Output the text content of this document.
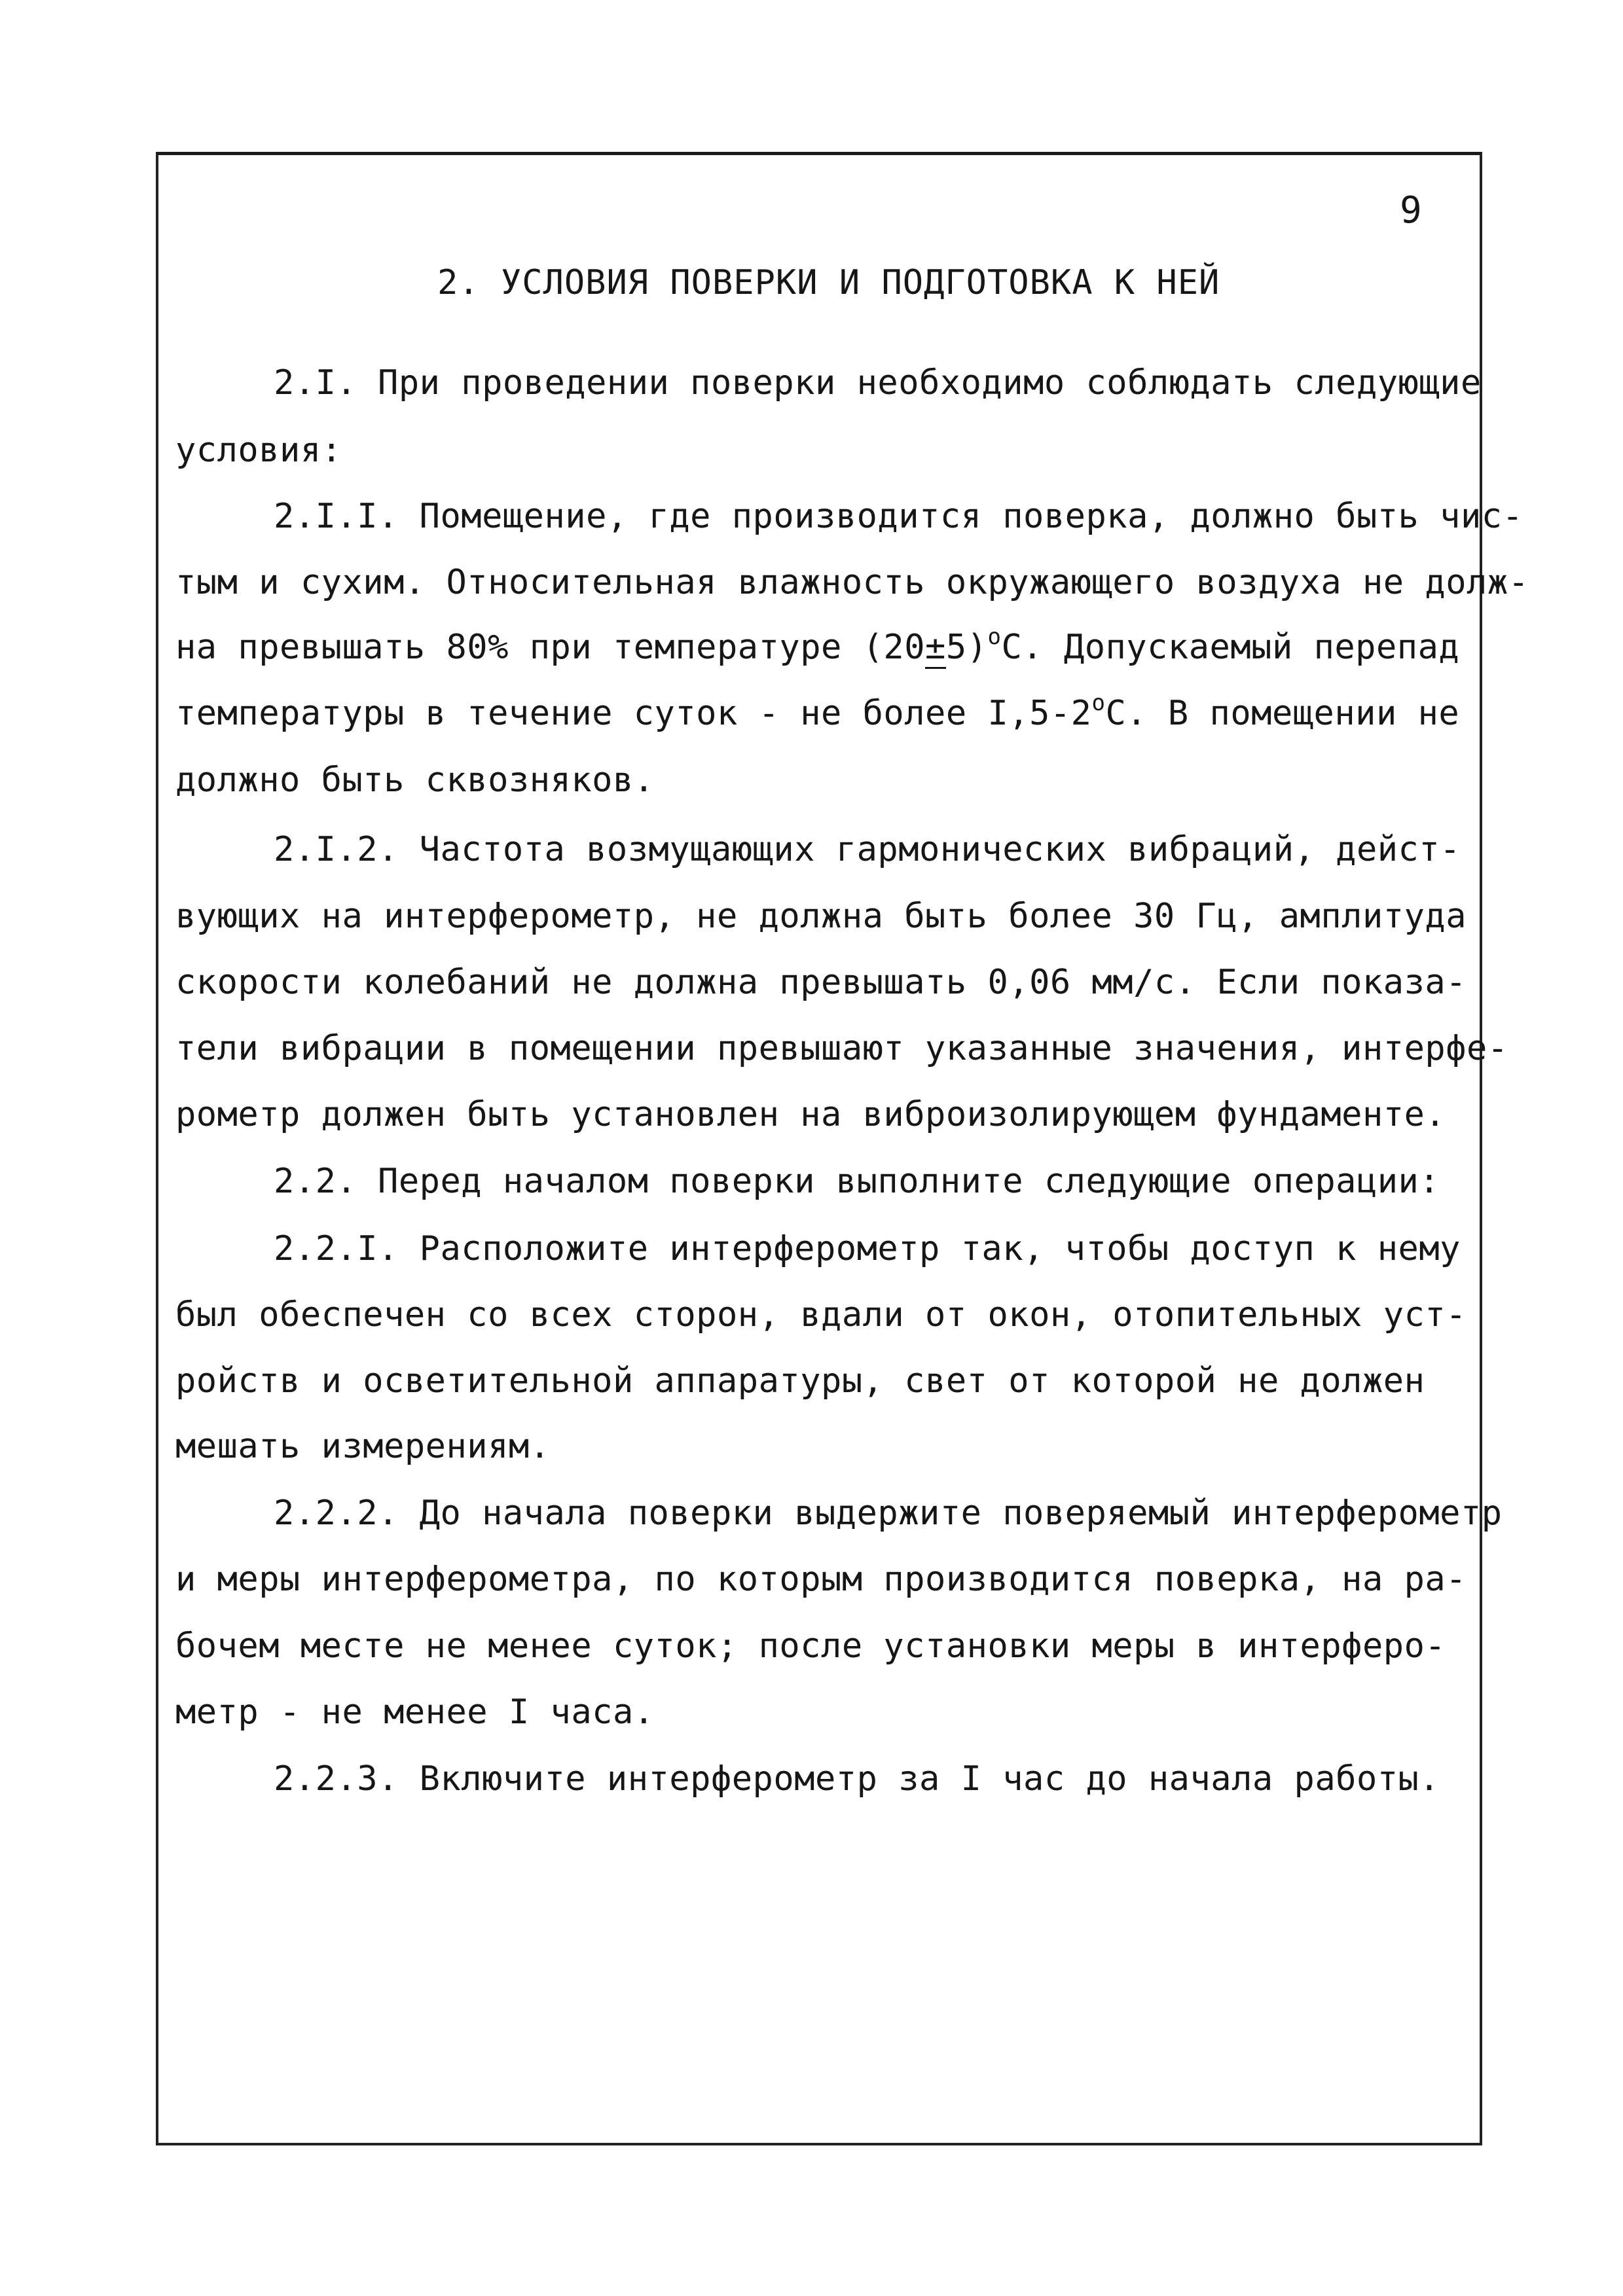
9
2. УСЛОВИЯ ПОВЕРКИ И ПОДГОТОВКА К НЕЙ
2.I. При проведении поверки необходимо соблюдать следующие
условия:
2.I.I. Помещение, где производится поверка, должно быть чис-
тым и сухим. Относительная влажность окружающего воздуха не долж-
на превышать 80% при температуре $(20\pm 5)^оС$. Допускаемый перепад
температуры в течение суток - не более $I,5-2^оС$. В помещении не
должно быть сквозняков.
2.I.2. Частота возмущающих гармонических вибраций, дейст-
вующих на интерферометр, не должна быть более 30 Гц, амплитуда
скорости колебаний не должна превышать 0,06 мм/с. Если показа-
тели вибрации в помещении превышают указанные значения, интерфе-
рометр должен быть установлен на виброизолирующем фундаменте.
2.2. Перед началом поверки выполните следующие операции:
2.2.I. Расположите интерферометр так, чтобы доступ к нему
был обеспечен со всех сторон, вдали от окон, отопительных уст-
ройств и осветительной аппаратуры, свет от которой не должен
мешать измерениям.
2.2.2. До начала поверки выдержите поверяемый интерферометр
и меры интерферометра, по которым производится поверка, на ра-
бочем месте не менее суток; после установки меры в интерферо-
метр - не менее I часа.
2.2.3. Включите интерферометр за I час до начала работы.
